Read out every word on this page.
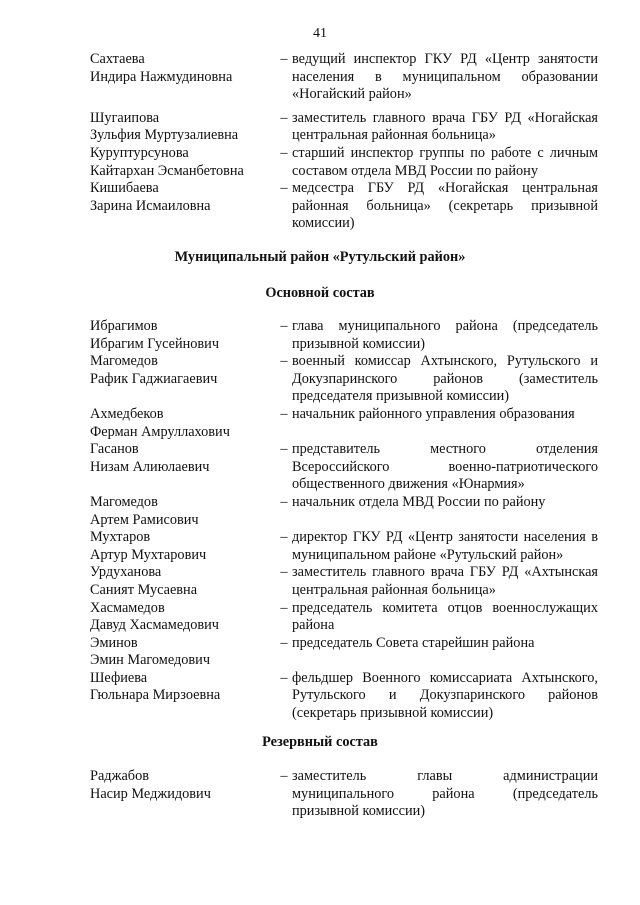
41
Сахтаева
Индира Нажмудиновна
– ведущий инспектор ГКУ РД «Центр занятости населения в муниципальном образовании «Ногайский район»
Шугаипова
Зульфия Муртузалиевна
– заместитель главного врача ГБУ РД «Ногайская центральная районная больница»
Куруптурсунова
Кайтархан Эсманбетовна
– старший инспектор группы по работе с личным составом отдела МВД России по району
Кишибаева
Зарина Исмаиловна
– медсестра ГБУ РД «Ногайская центральная районная больница» (секретарь призывной комиссии)
Муниципальный район «Рутульский район»
Основной состав
Ибрагимов
Ибрагим Гусейнович
– глава муниципального района (председатель призывной комиссии)
Магомедов
Рафик Гаджиагаевич
– военный комиссар Ахтынского, Рутульского и Докузпаринского районов (заместитель председателя призывной комиссии)
Ахмедбеков
Ферман Амруллахович
– начальник районного управления образования
Гасанов
Низам Алиюлаевич
– представитель местного отделения Всероссийского военно-патриотического общественного движения «Юнармия»
Магомедов
Артем Рамисович
– начальник отдела МВД России по району
Мухтаров
Артур Мухтарович
– директор ГКУ РД «Центр занятости населения в муниципальном районе «Рутульский район»
Урдуханова
Саният Мусаевна
– заместитель главного врача ГБУ РД «Ахтынская центральная районная больница»
Хасмамедов
Давуд Хасмамедович
– председатель комитета отцов военнослужащих района
Эминов
Эмин Магомедович
– председатель Совета старейшин района
Шефиева
Гюльнара Мирзоевна
– фельдшер Военного комиссариата Ахтынского, Рутульского и Докузпаринского районов (секретарь призывной комиссии)
Резервный состав
Раджабов
Насир Меджидович
– заместитель главы администрации муниципального района (председатель призывной комиссии)
